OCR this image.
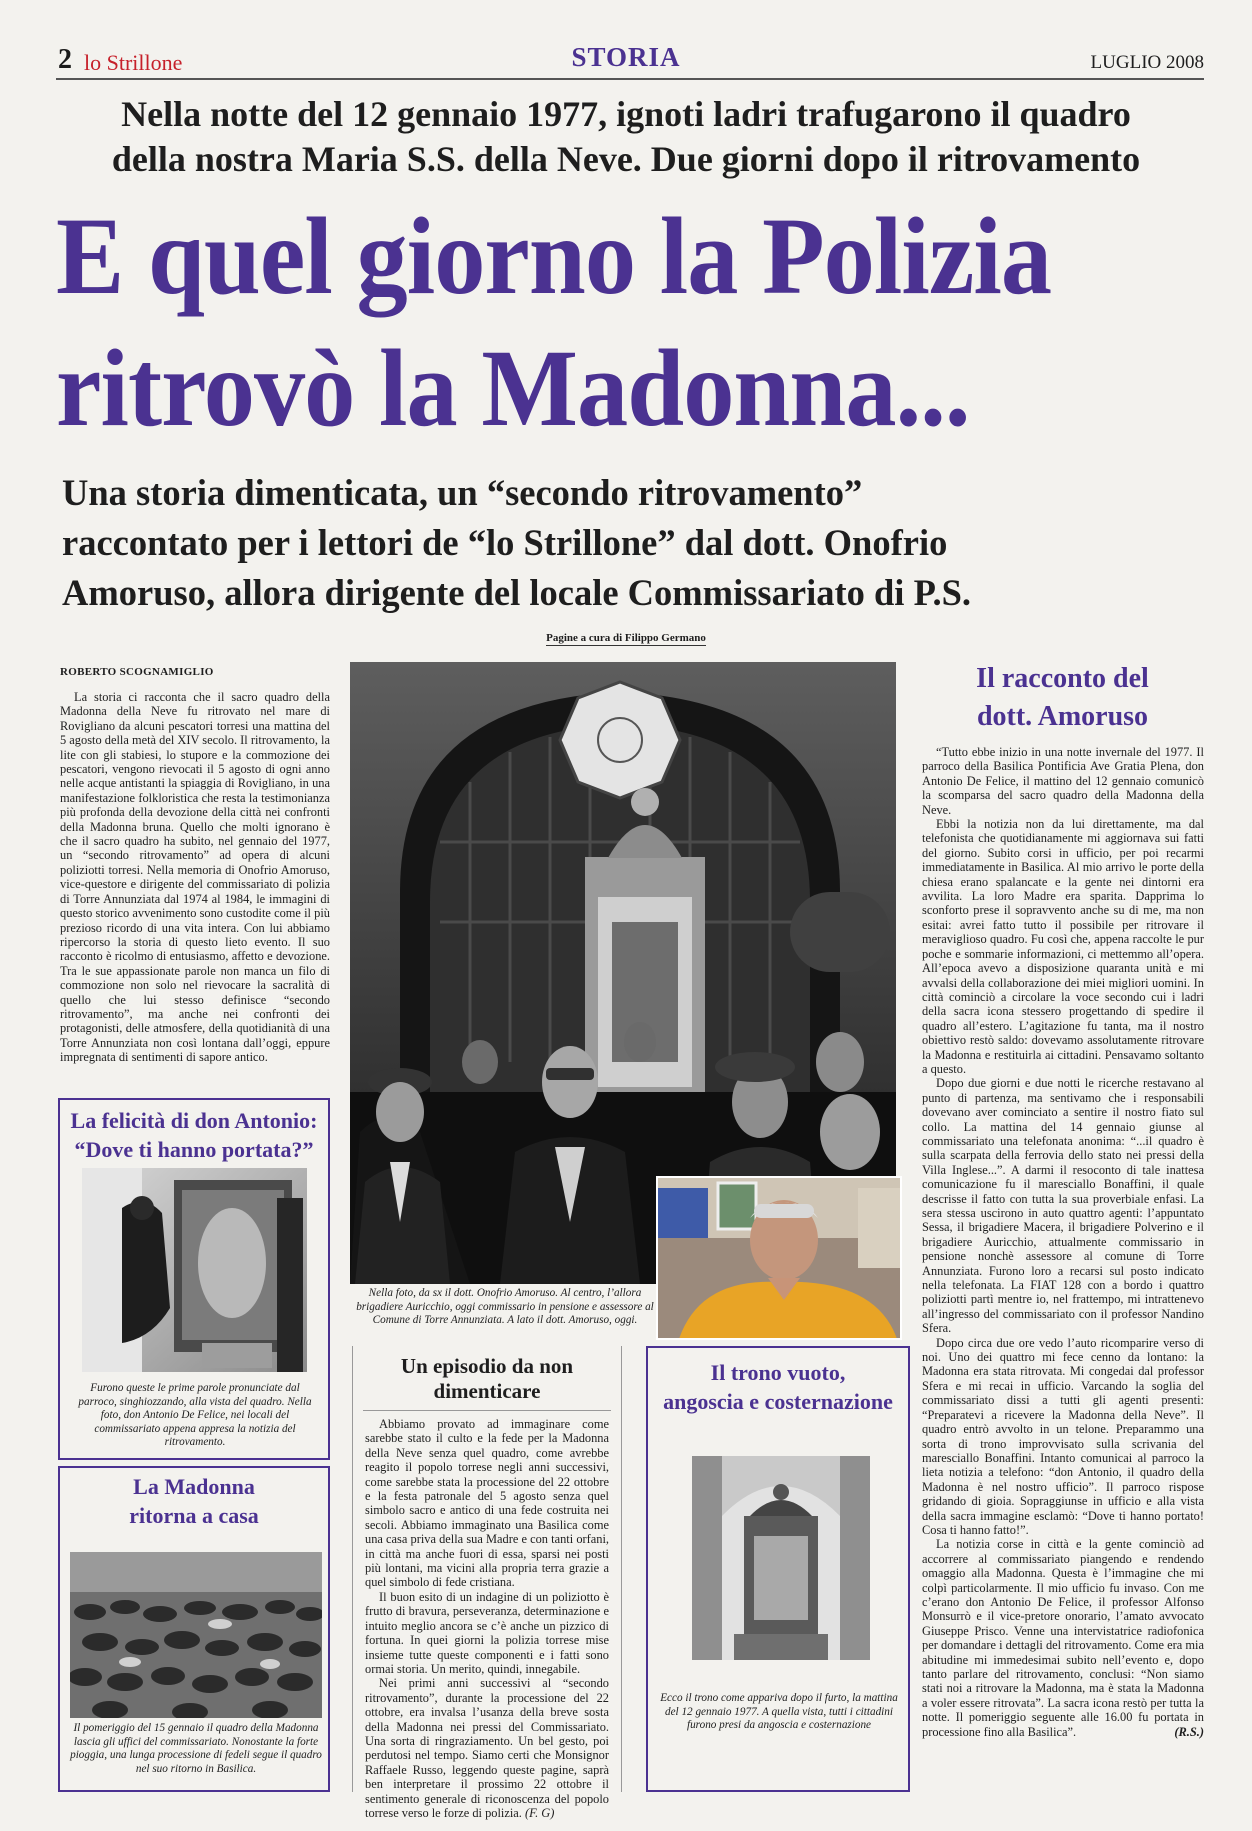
2 lo Strillone	STORIA	LUGLIO 2008
Nella notte del 12 gennaio 1977, ignoti ladri trafugarono il quadro
della nostra Maria S.S. della Neve. Due giorni dopo il ritrovamento
E quel giorno la Polizia
ritrovò la Madonna...
Una storia dimenticata, un “secondo ritrovamento”
raccontato per i lettori de “lo Strillone” dal dott. Onofrio
Amoruso, allora dirigente del locale Commissariato di P.S.
Pagine a cura di Filippo Germano
ROBERTO SCOGNAMIGLIO
La storia ci racconta che il sacro quadro della Madonna della Neve fu ritrovato nel mare di Rovigliano da alcuni pescatori torresi una mattina del 5 agosto della metà del XIV secolo. Il ritrovamento, la lite con gli stabiesi, lo stupore e la commozione dei pescatori, vengono rievocati il 5 agosto di ogni anno nelle acque antistanti la spiaggia di Rovigliano, in una manifestazione folkloristica che resta la testimonianza più profonda della devozione della città nei confronti della Madonna bruna. Quello che molti ignorano è che il sacro quadro ha subito, nel gennaio del 1977, un “secondo ritrovamento” ad opera di alcuni poliziotti torresi. Nella memoria di Onofrio Amoruso, vice-questore e dirigente del commissariato di polizia di Torre Annunziata dal 1974 al 1984, le immagini di questo storico avvenimento sono custodite come il più prezioso ricordo di una vita intera. Con lui abbiamo ripercorso la storia di questo lieto evento. Il suo racconto è ricolmo di entusiasmo, affetto e devozione. Tra le sue appassionate parole non manca un filo di commozione non solo nel rievocare la sacralità di quello che lui stesso definisce “secondo ritrovamento”, ma anche nei confronti dei protagonisti, delle atmosfere, della quotidianità di una Torre Annunziata non così lontana dall’oggi, eppure impregnata di sentimenti di sapore antico.
La felicità di don Antonio:
“Dove ti hanno portata?”
Furono queste le prime parole pronunciate dal parroco, singhiozzando, alla vista del quadro. Nella foto, don Antonio De Felice, nei locali del commissariato appena appresa la notizia del ritrovamento.
La Madonna
ritorna a casa
Il pomeriggio del 15 gennaio il quadro della Madonna lascia gli uffici del commissariato. Nonostante la forte pioggia, una lunga processione di fedeli segue il quadro nel suo ritorno in Basilica.
Nella foto, da sx il dott. Onofrio Amoruso. Al centro, l’allora brigadiere Auricchio, oggi commissario in pensione e assessore al Comune di Torre Annunziata. A lato il dott. Amoruso, oggi.
Un episodio da non dimenticare
Abbiamo provato ad immaginare come sarebbe stato il culto e la fede per la Madonna della Neve senza quel quadro, come avrebbe reagito il popolo torrese negli anni successivi, come sarebbe stata la processione del 22 ottobre e la festa patronale del 5 agosto senza quel simbolo sacro e antico di una fede costruita nei secoli. Abbiamo immaginato una Basilica come una casa priva della sua Madre e con tanti orfani, in città ma anche fuori di essa, sparsi nei posti più lontani, ma vicini alla propria terra grazie a quel simbolo di fede cristiana.
Il buon esito di un indagine di un poliziotto è frutto di bravura, perseveranza, determinazione e intuito meglio ancora se c’è anche un pizzico di fortuna. In quei giorni la polizia torrese mise insieme tutte queste componenti e i fatti sono ormai storia. Un merito, quindi, innegabile.
Nei primi anni successivi al “secondo ritrovamento”, durante la processione del 22 ottobre, era invalsa l’usanza della breve sosta della Madonna nei pressi del Commissariato. Una sorta di ringraziamento. Un bel gesto, poi perdutosi nel tempo. Siamo certi che Monsignor Raffaele Russo, leggendo queste pagine, saprà ben interpretare il prossimo 22 ottobre il sentimento generale di riconoscenza del popolo torrese verso le forze di polizia. (F. G)
Il trono vuoto,
angoscia e costernazione
Ecco il trono come appariva dopo il furto, la mattina del 12 gennaio 1977. A quella vista, tutti i cittadini furono presi da angoscia e costernazione
Il racconto del
dott. Amoruso
“Tutto ebbe inizio in una notte invernale del 1977. Il parroco della Basilica Pontificia Ave Gratia Plena, don Antonio De Felice, il mattino del 12 gennaio comunicò la scomparsa del sacro quadro della Madonna della Neve.
Ebbi la notizia non da lui direttamente, ma dal telefonista che quotidianamente mi aggiornava sui fatti del giorno. Subito corsi in ufficio, per poi recarmi immediatamente in Basilica. Al mio arrivo le porte della chiesa erano spalancate e la gente nei dintorni era avvilita. La loro Madre era sparita. Dapprima lo sconforto prese il sopravvento anche su di me, ma non esitai: avrei fatto tutto il possibile per ritrovare il meraviglioso quadro. Fu così che, appena raccolte le pur poche e sommarie informazioni, ci mettemmo all’opera. All’epoca avevo a disposizione quaranta unità e mi avvalsi della collaborazione dei miei migliori uomini. In città cominciò a circolare la voce secondo cui i ladri della sacra icona stessero progettando di spedire il quadro all’estero. L’agitazione fu tanta, ma il nostro obiettivo restò saldo: dovevamo assolutamente ritrovare la Madonna e restituirla ai cittadini. Pensavamo soltanto a questo.
Dopo due giorni e due notti le ricerche restavano al punto di partenza, ma sentivamo che i responsabili dovevano aver cominciato a sentire il nostro fiato sul collo. La mattina del 14 gennaio giunse al commissariato una telefonata anonima: “...il quadro è sulla scarpata della ferrovia dello stato nei pressi della Villa Inglese...”. A darmi il resoconto di tale inattesa comunicazione fu il maresciallo Bonaffini, il quale descrisse il fatto con tutta la sua proverbiale enfasi. La sera stessa uscirono in auto quattro agenti: l’appuntato Sessa, il brigadiere Macera, il brigadiere Polverino e il brigadiere Auricchio, attualmente commissario in pensione nonchè assessore al comune di Torre Annunziata. Furono loro a recarsi sul posto indicato nella telefonata. La FIAT 128 con a bordo i quattro poliziotti partì mentre io, nel frattempo, mi intrattenevo all’ingresso del commissariato con il professor Nandino Sfera.
Dopo circa due ore vedo l’auto ricomparire verso di noi. Uno dei quattro mi fece cenno da lontano: la Madonna era stata ritrovata. Mi congedai dal professor Sfera e mi recai in ufficio. Varcando la soglia del commissariato dissi a tutti gli agenti presenti: “Preparatevi a ricevere la Madonna della Neve”. Il quadro entrò avvolto in un telone. Preparammo una sorta di trono improvvisato sulla scrivania del maresciallo Bonaffini. Intanto comunicai al parroco la lieta notizia a telefono: “don Antonio, il quadro della Madonna è nel nostro ufficio”. Il parroco rispose gridando di gioia. Sopraggiunse in ufficio e alla vista della sacra immagine esclamò: “Dove ti hanno portato! Cosa ti hanno fatto!”.
La notizia corse in città e la gente cominciò ad accorrere al commissariato piangendo e rendendo omaggio alla Madonna. Questa è l’immagine che mi colpì particolarmente. Il mio ufficio fu invaso. Con me c’erano don Antonio De Felice, il professor Alfonso Monsurrò e il vice-pretore onorario, l’amato avvocato Giuseppe Prisco. Venne una intervistatrice radiofonica per domandare i dettagli del ritrovamento. Come era mia abitudine mi immedesimai subito nell’evento e, dopo tanto parlare del ritrovamento, conclusi: “Non siamo stati noi a ritrovare la Madonna, ma è stata la Madonna a voler essere ritrovata”. La sacra icona restò per tutta la notte. Il pomeriggio seguente alle 16.00 fu portata in processione fino alla Basilica”.	(R.S.)
